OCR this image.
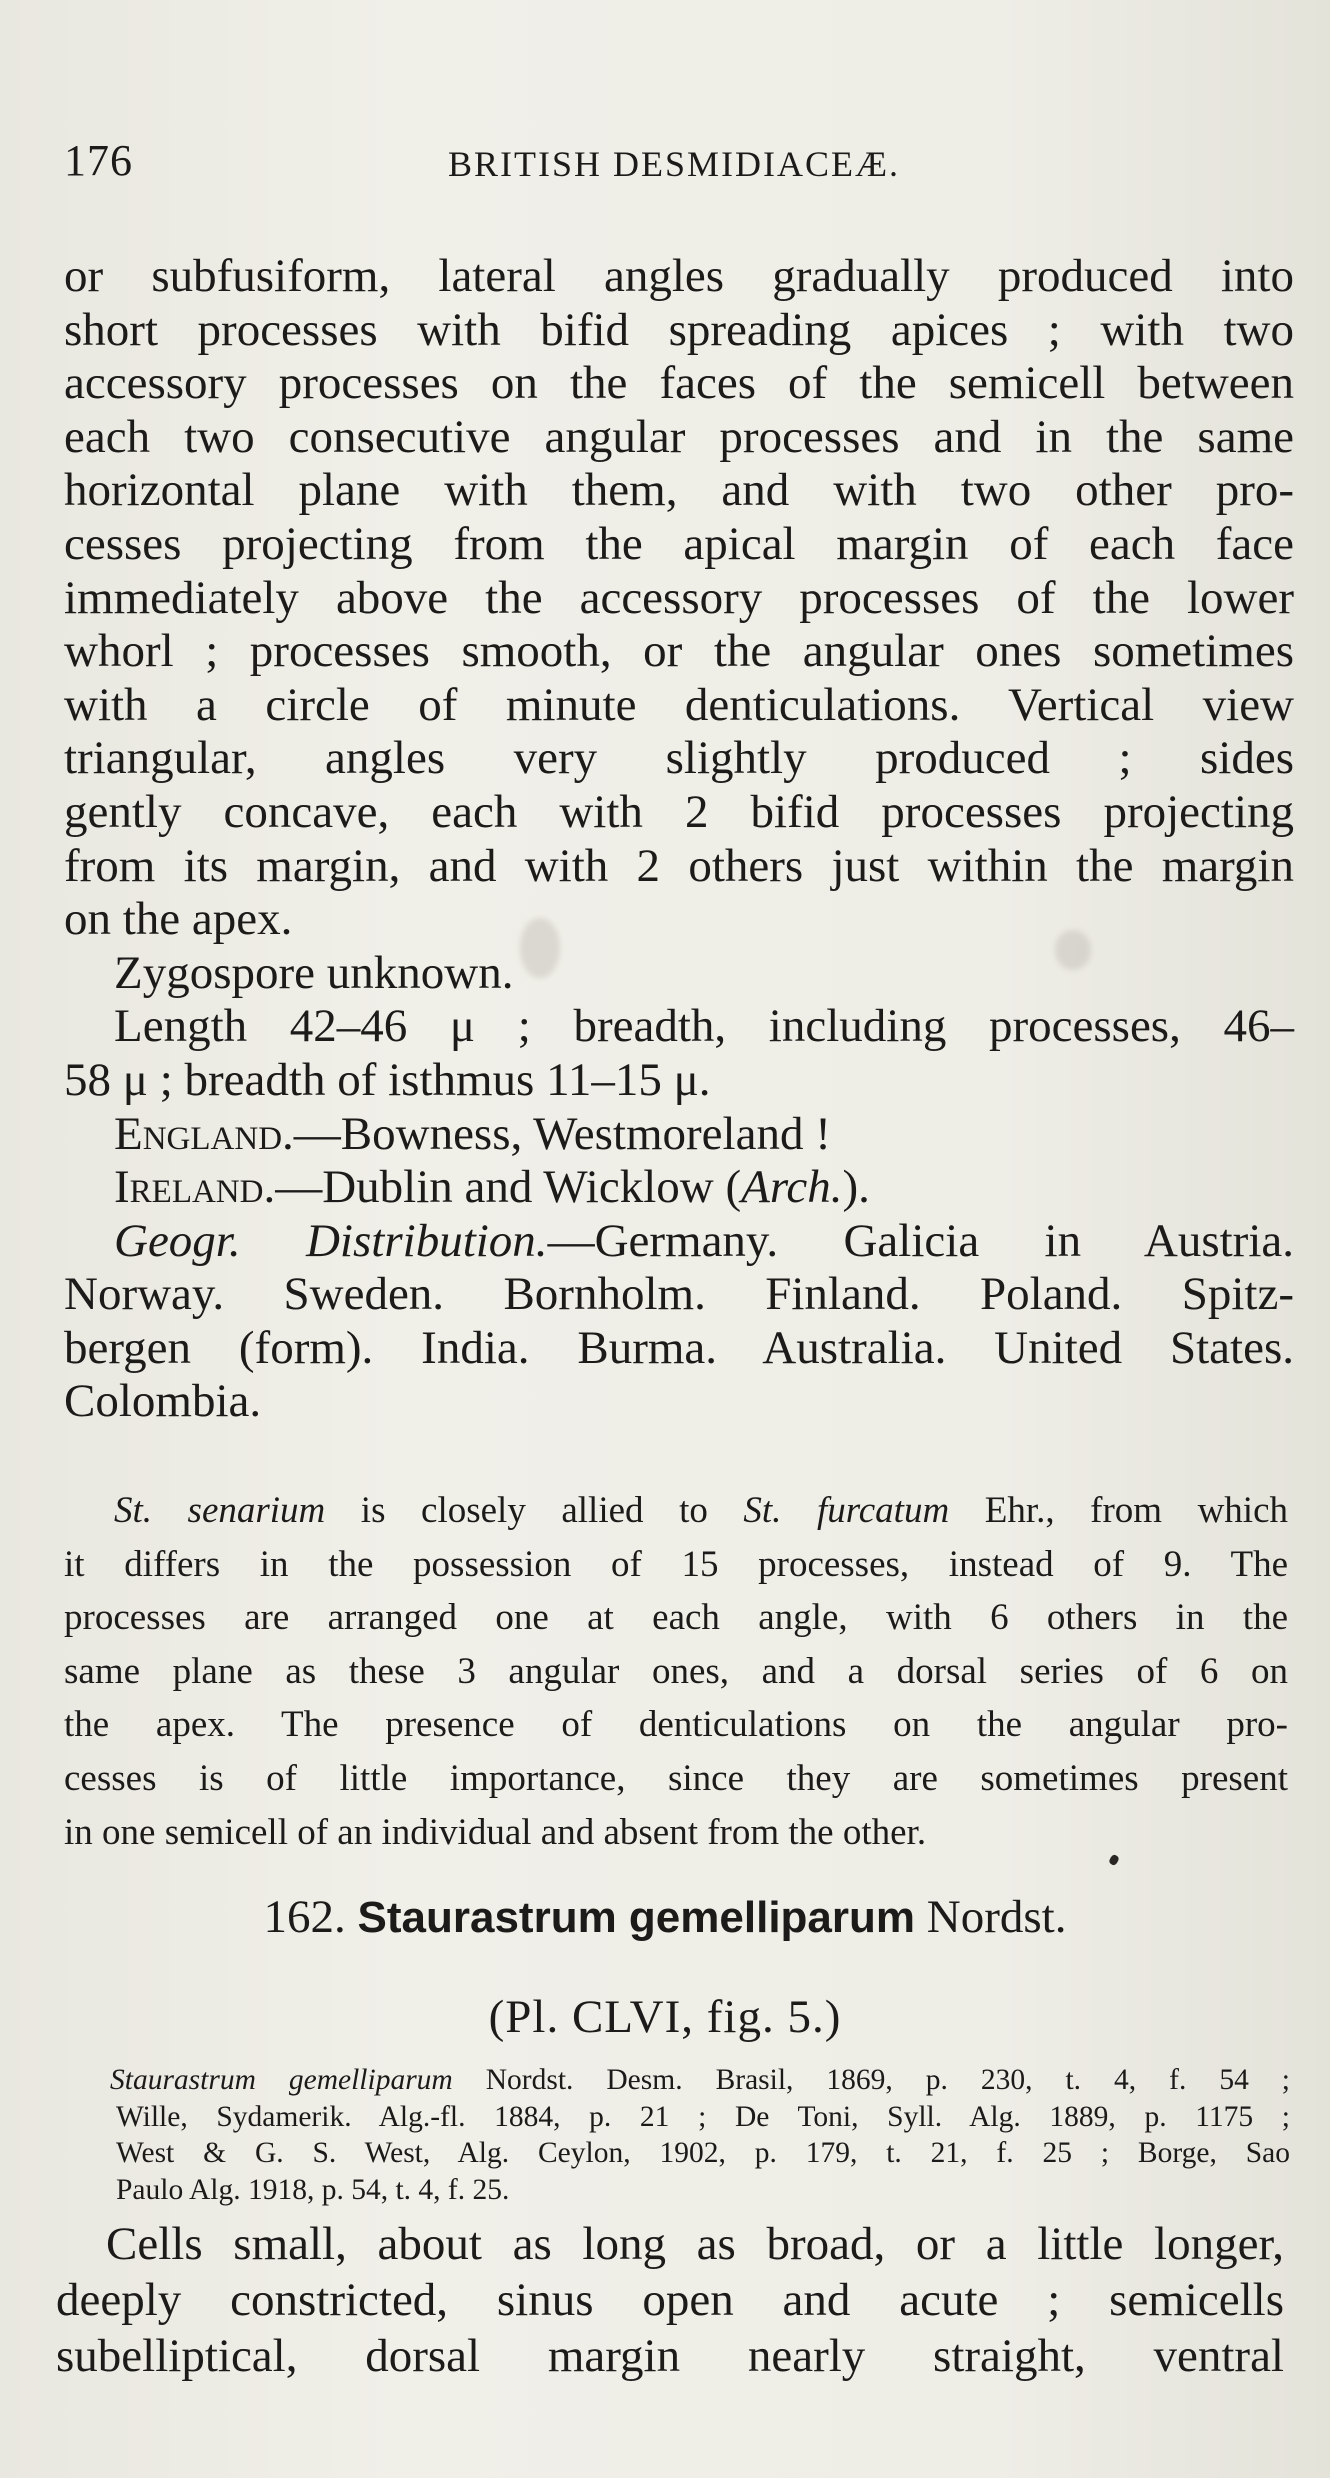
176	BRITISH DESMIDIACEÆ.
or subfusiform, lateral angles gradually produced into
short processes with bifid spreading apices ; with two
accessory processes on the faces of the semicell between
each two consecutive angular processes and in the same
horizontal plane with them, and with two other pro-
cesses projecting from the apical margin of each face
immediately above the accessory processes of the lower
whorl ; processes smooth, or the angular ones sometimes
with a circle of minute denticulations. Vertical view
triangular, angles very slightly produced ; sides
gently concave, each with 2 bifid processes projecting
from its margin, and with 2 others just within the margin
on the apex.
Zygospore unknown.
Length 42–46 μ ; breadth, including processes, 46–
58 μ ; breadth of isthmus 11–15 μ.
England.—Bowness, Westmoreland !
Ireland.—Dublin and Wicklow (Arch.).
Geogr. Distribution.—Germany. Galicia in Austria.
Norway. Sweden. Bornholm. Finland. Poland. Spitz-
bergen (form). India. Burma. Australia. United States.
Colombia.
St. senarium is closely allied to St. furcatum Ehr., from which
it differs in the possession of 15 processes, instead of 9. The
processes are arranged one at each angle, with 6 others in the
same plane as these 3 angular ones, and a dorsal series of 6 on
the apex. The presence of denticulations on the angular pro-
cesses is of little importance, since they are sometimes present
in one semicell of an individual and absent from the other.
162. Staurastrum gemelliparum Nordst.
(Pl. CLVI, fig. 5.)
Staurastrum gemelliparum Nordst. Desm. Brasil, 1869, p. 230, t. 4, f. 54 ;
Wille, Sydamerik. Alg.-fl. 1884, p. 21 ; De Toni, Syll. Alg. 1889, p. 1175 ;
West & G. S. West, Alg. Ceylon, 1902, p. 179, t. 21, f. 25 ; Borge, Sao
Paulo Alg. 1918, p. 54, t. 4, f. 25.
Cells small, about as long as broad, or a little longer,
deeply constricted, sinus open and acute ; semicells
subelliptical, dorsal margin nearly straight, ventral
